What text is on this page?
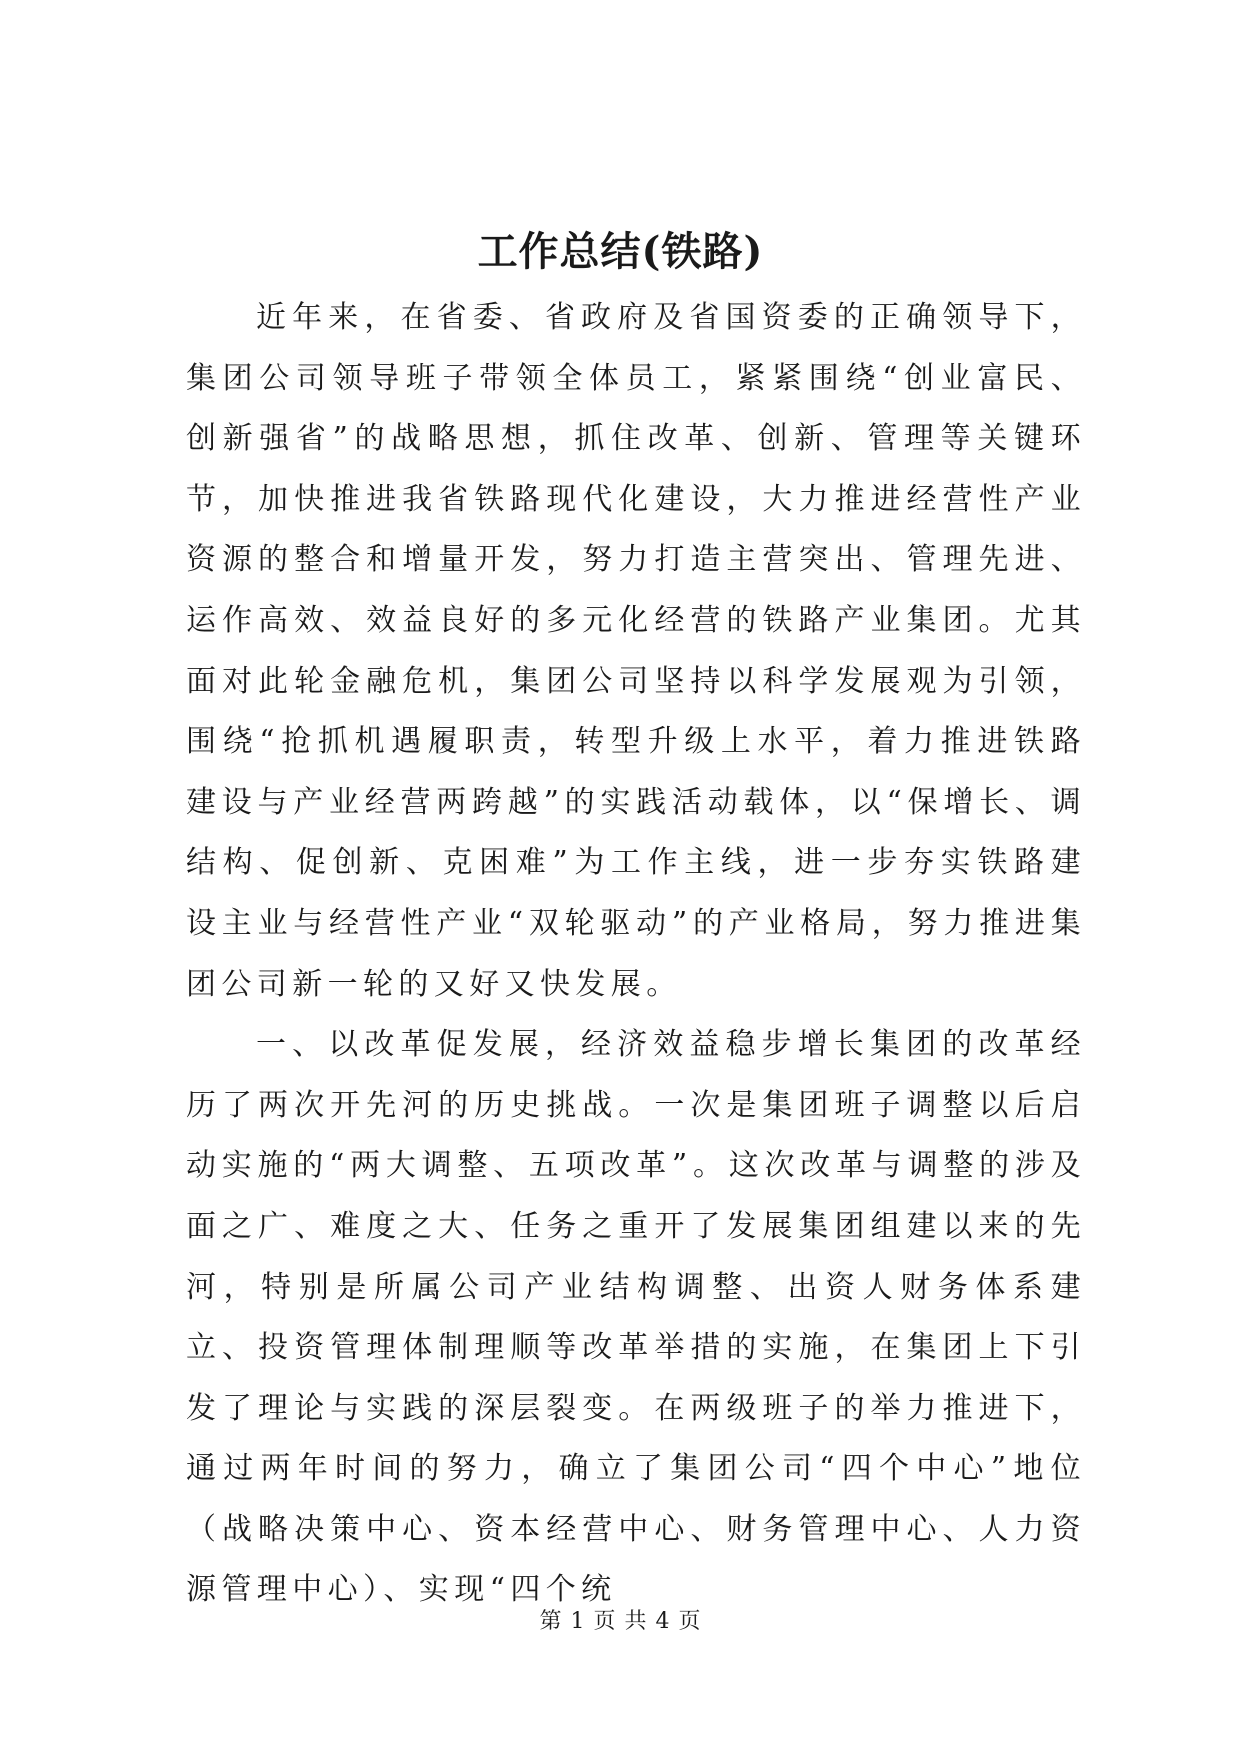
工作总结(铁路)

近年来，在省委、省政府及省国资委的正确领导下，集团公司领导班子带领全体员工，紧紧围绕“创业富民、创新强省”的战略思想，抓住改革、创新、管理等关键环节，加快推进我省铁路现代化建设，大力推进经营性产业资源的整合和增量开发，努力打造主营突出、管理先进、运作高效、效益良好的多元化经营的铁路产业集团。尤其面对此轮金融危机，集团公司坚持以科学发展观为引领，围绕“抢抓机遇履职责，转型升级上水平，着力推进铁路建设与产业经营两跨越”的实践活动载体，以“保增长、调结构、促创新、克困难”为工作主线，进一步夯实铁路建设主业与经营性产业“双轮驱动”的产业格局，努力推进集团公司新一轮的又好又快发展。

一、以改革促发展，经济效益稳步增长集团的改革经历了两次开先河的历史挑战。一次是集团班子调整以后启动实施的“两大调整、五项改革”。这次改革与调整的涉及面之广、难度之大、任务之重开了发展集团组建以来的先河，特别是所属公司产业结构调整、出资人财务体系建立、投资管理体制理顺等改革举措的实施，在集团上下引发了理论与实践的深层裂变。在两级班子的举力推进下，通过两年时间的努力，确立了集团公司“四个中心”地位（战略决策中心、资本经营中心、财务管理中心、人力资源管理中心）、实现“四个统

第 1 页 共 4 页
